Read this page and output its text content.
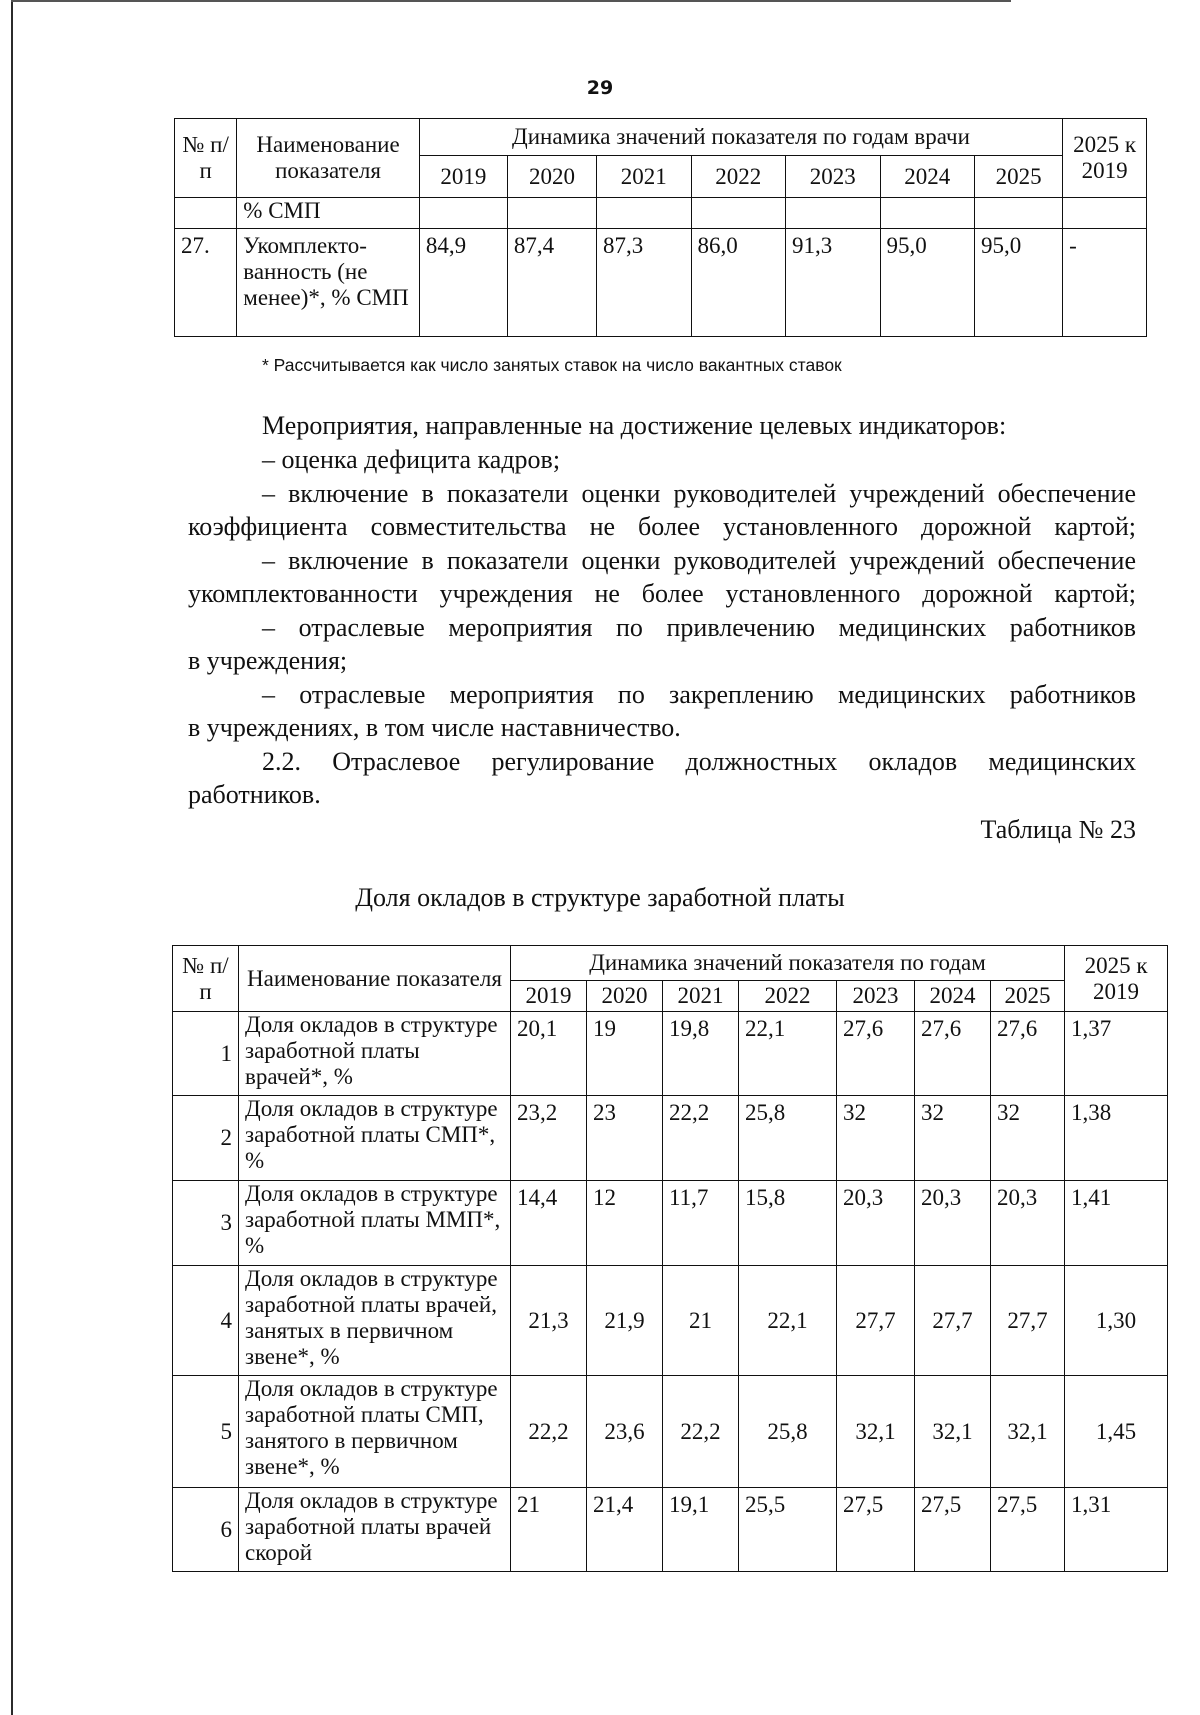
29
№ п/п	Наименование показателя	Динамика значений показателя по годам врачи							2025 к 2019
		2019	2020	2021	2022	2023	2024	2025	
	% СМП								
27.	Укомплекто-ванность (не менее)*, % СМП	84,9	87,4	87,3	86,0	91,3	95,0	95,0	-
* Рассчитывается как число занятых ставок на число вакантных ставок
Мероприятия, направленные на достижение целевых индикаторов:
– оценка дефицита кадров;
– включение в показатели оценки руководителей учреждений обеспечение
коэффициента совместительства не более установленного дорожной картой;
– включение в показатели оценки руководителей учреждений обеспечение
укомплектованности учреждения не более установленного дорожной картой;
– отраслевые мероприятия по привлечению медицинских работников
в учреждения;
– отраслевые мероприятия по закреплению медицинских работников
в учреждениях, в том числе наставничество.
2.2. Отраслевое регулирование должностных окладов медицинских
работников.
Таблица № 23
Доля окладов в структуре заработной платы
№ п/п	Наименование показателя	Динамика значений показателя по годам							2025 к 2019
		2019	2020	2021	2022	2023	2024	2025	
1	Доля окладов в структуре заработной платы врачей*, %	20,1	19	19,8	22,1	27,6	27,6	27,6	1,37
2	Доля окладов в структуре заработной платы СМП*, %	23,2	23	22,2	25,8	32	32	32	1,38
3	Доля окладов в структуре заработной платы ММП*, %	14,4	12	11,7	15,8	20,3	20,3	20,3	1,41
4	Доля окладов в структуре заработной платы врачей, занятых в первичном звене*, %	21,3	21,9	21	22,1	27,7	27,7	27,7	1,30
5	Доля окладов в структуре заработной платы СМП, занятого в первичном звене*, %	22,2	23,6	22,2	25,8	32,1	32,1	32,1	1,45
6	Доля окладов в структуре заработной платы врачей скорой	21	21,4	19,1	25,5	27,5	27,5	27,5	1,31
